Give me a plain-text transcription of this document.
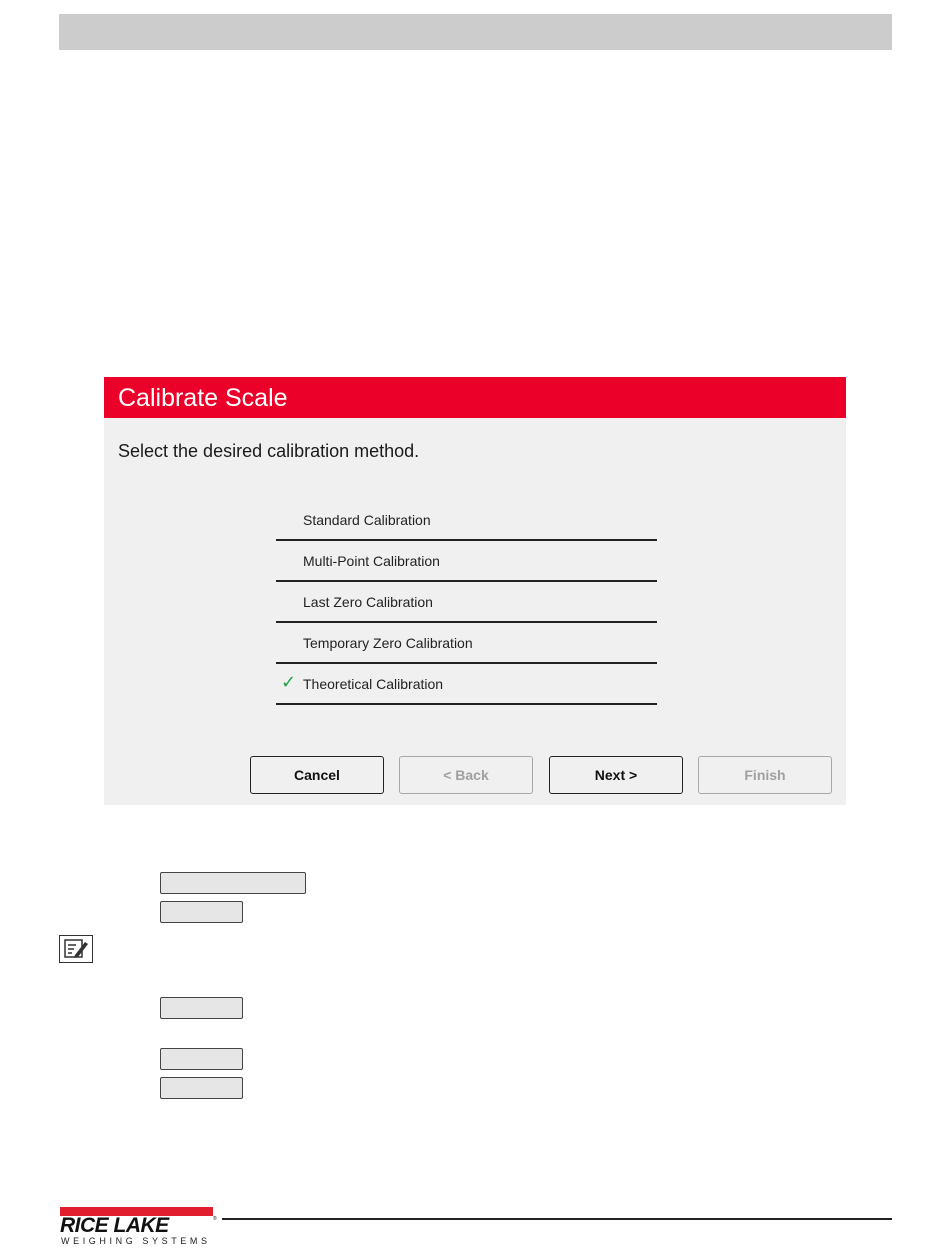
Calibrate Scale
Select the desired calibration method.
Standard Calibration
Multi-Point Calibration
Last Zero Calibration
Temporary Zero Calibration
✓ Theoretical Calibration
Cancel	< Back	Next >	Finish
RICE LAKE	®
WEIGHING SYSTEMS
